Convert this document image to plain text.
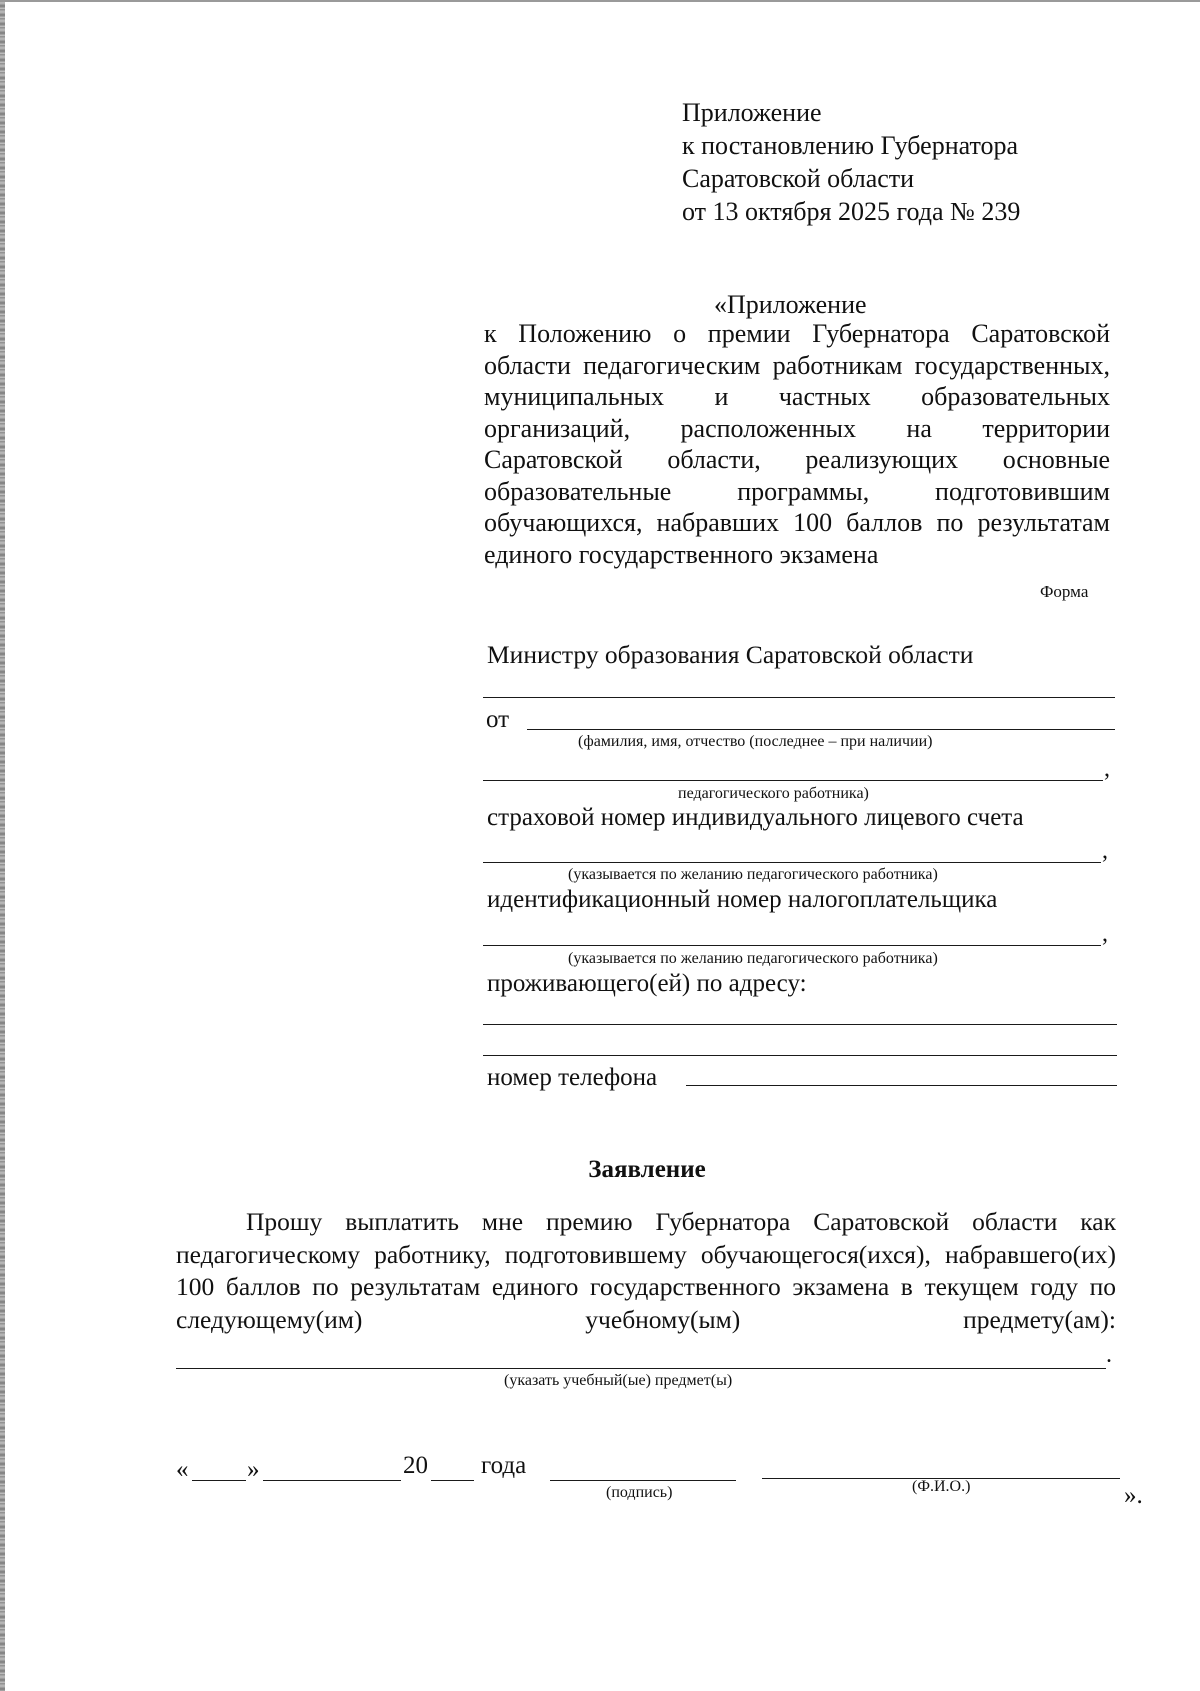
Приложение
к постановлению Губернатора
Саратовской области
от 13 октября 2025 года № 239
«Приложение
к Положению о премии Губернатора Саратовской области педагогическим работникам государственных, муниципальных и частных образовательных организаций, расположенных на территории Саратовской области, реализующих основные образовательные программы, подготовившим обучающихся, набравших 100 баллов по результатам единого государственного экзамена
Форма
Министру образования Саратовской области
от
(фамилия, имя, отчество (последнее – при наличии)
,
педагогического работника)
страховой номер индивидуального лицевого счета
,
(указывается по желанию педагогического работника)
идентификационный номер налогоплательщика
,
(указывается по желанию педагогического работника)
проживающего(ей) по адресу:
номер телефона
Заявление
Прошу выплатить мне премию Губернатора Саратовской области как педагогическому работнику, подготовившему обучающегося(ихся), набравшего(их) 100 баллов по результатам единого государственного экзамена в текущем году по следующему(им) учебному(ым) предмету(ам):
.
(указать учебный(ые) предмет(ы)
« »	20 года
(подпись)	(Ф.И.О.)	».
